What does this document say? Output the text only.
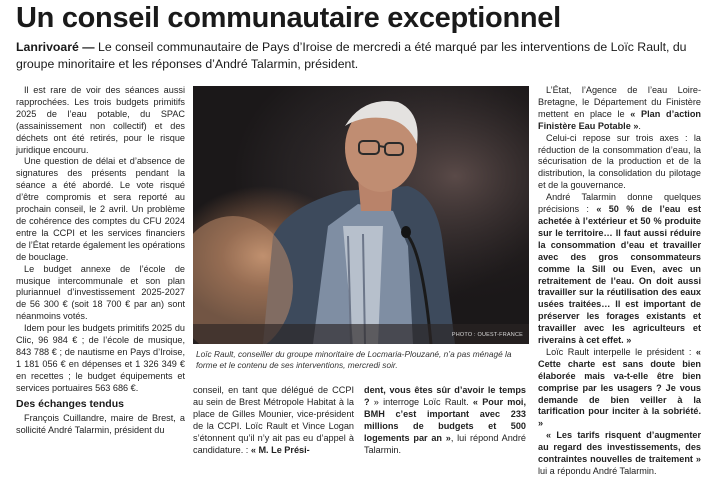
Un conseil communautaire exceptionnel
Lanrivoaré — Le conseil communautaire de Pays d’Iroise de mercredi a été marqué par les interventions de Loïc Rault, du groupe minoritaire et les réponses d’André Talarmin, président.

Il est rare de voir des séances aussi rapprochées. Les trois budgets primitifs 2025 de l’eau potable, du SPAC (assainissement non collectif) et des déchets ont été retirés, pour le risque juridique encouru.

Une question de délai et d’absence de signatures des présents pendant la séance a été abordé. Le vote risqué d’être compromis et sera reporté au prochain conseil, le 2 avril. Un problème de cohérence des comptes du CFU 2024 entre la CCPI et les services financiers de l’État retarde également les opérations de bouclage.

Le budget annexe de l’école de musique intercommunale et son plan pluriannuel d’investissement 2025-2027 de 56 300 € (soit 18 700 € par an) sont néanmoins votés.

Idem pour les budgets primitifs 2025 du Clic, 96 984 € ; de l’école de musique, 843 788 € ; de nautisme en Pays d’Iroise, 1 181 056 € en dépenses et 1 326 349 € en recettes ; le budget équipements et services portuaires 563 686 €.

Des échanges tendus

François Cuillandre, maire de Brest, a sollicité André Talarmin, président du

PHOTO : OUEST-FRANCE
Loïc Rault, conseiller du groupe minoritaire de Locmaria-Plouzané, n’a pas ménagé la forme et le contenu de ses interventions, mercredi soir.

conseil, en tant que délégué de CCPI au sein de Brest Métropole Habitat à la place de Gilles Mounier, vice-président de la CCPI. Loïc Rault et Vince Logan s’étonnent qu’il n’y ait pas eu d’appel à candidature. : « M. Le Prési-

dent, vous êtes sûr d’avoir le temps ? » interroge Loïc Rault. « Pour moi, BMH c’est important avec 233 millions de budgets et 500 logements par an », lui répond André Talarmin.

L’État, l’Agence de l’eau Loire-Bretagne, le Département du Finistère mettent en place le « Plan d’action Finistère Eau Potable ».

Celui-ci repose sur trois axes : la réduction de la consommation d’eau, la sécurisation de la production et de la distribution, la consolidation du pilotage et de la gouvernance.

André Talarmin donne quelques précisions : « 50 % de l’eau est achetée à l’extérieur et 50 % produite sur le territoire… Il faut aussi réduire la consommation d’eau et travailler avec des gros consommateurs comme la Sill ou Even, avec un retraitement de l’eau. On doit aussi travailler sur la réutilisation des eaux usées traitées… Il est important de préserver les forages existants et travailler avec les agriculteurs et riverains à cet effet. »

Loïc Rault interpelle le président : « Cette charte est sans doute bien élaborée mais va-t-elle être bien comprise par les usagers ? Je vous demande de bien veiller à la tarification pour inciter à la sobriété. »

« Les tarifs risquent d’augmenter au regard des investissements, des contraintes nouvelles de traitement » lui a répondu André Talarmin.
